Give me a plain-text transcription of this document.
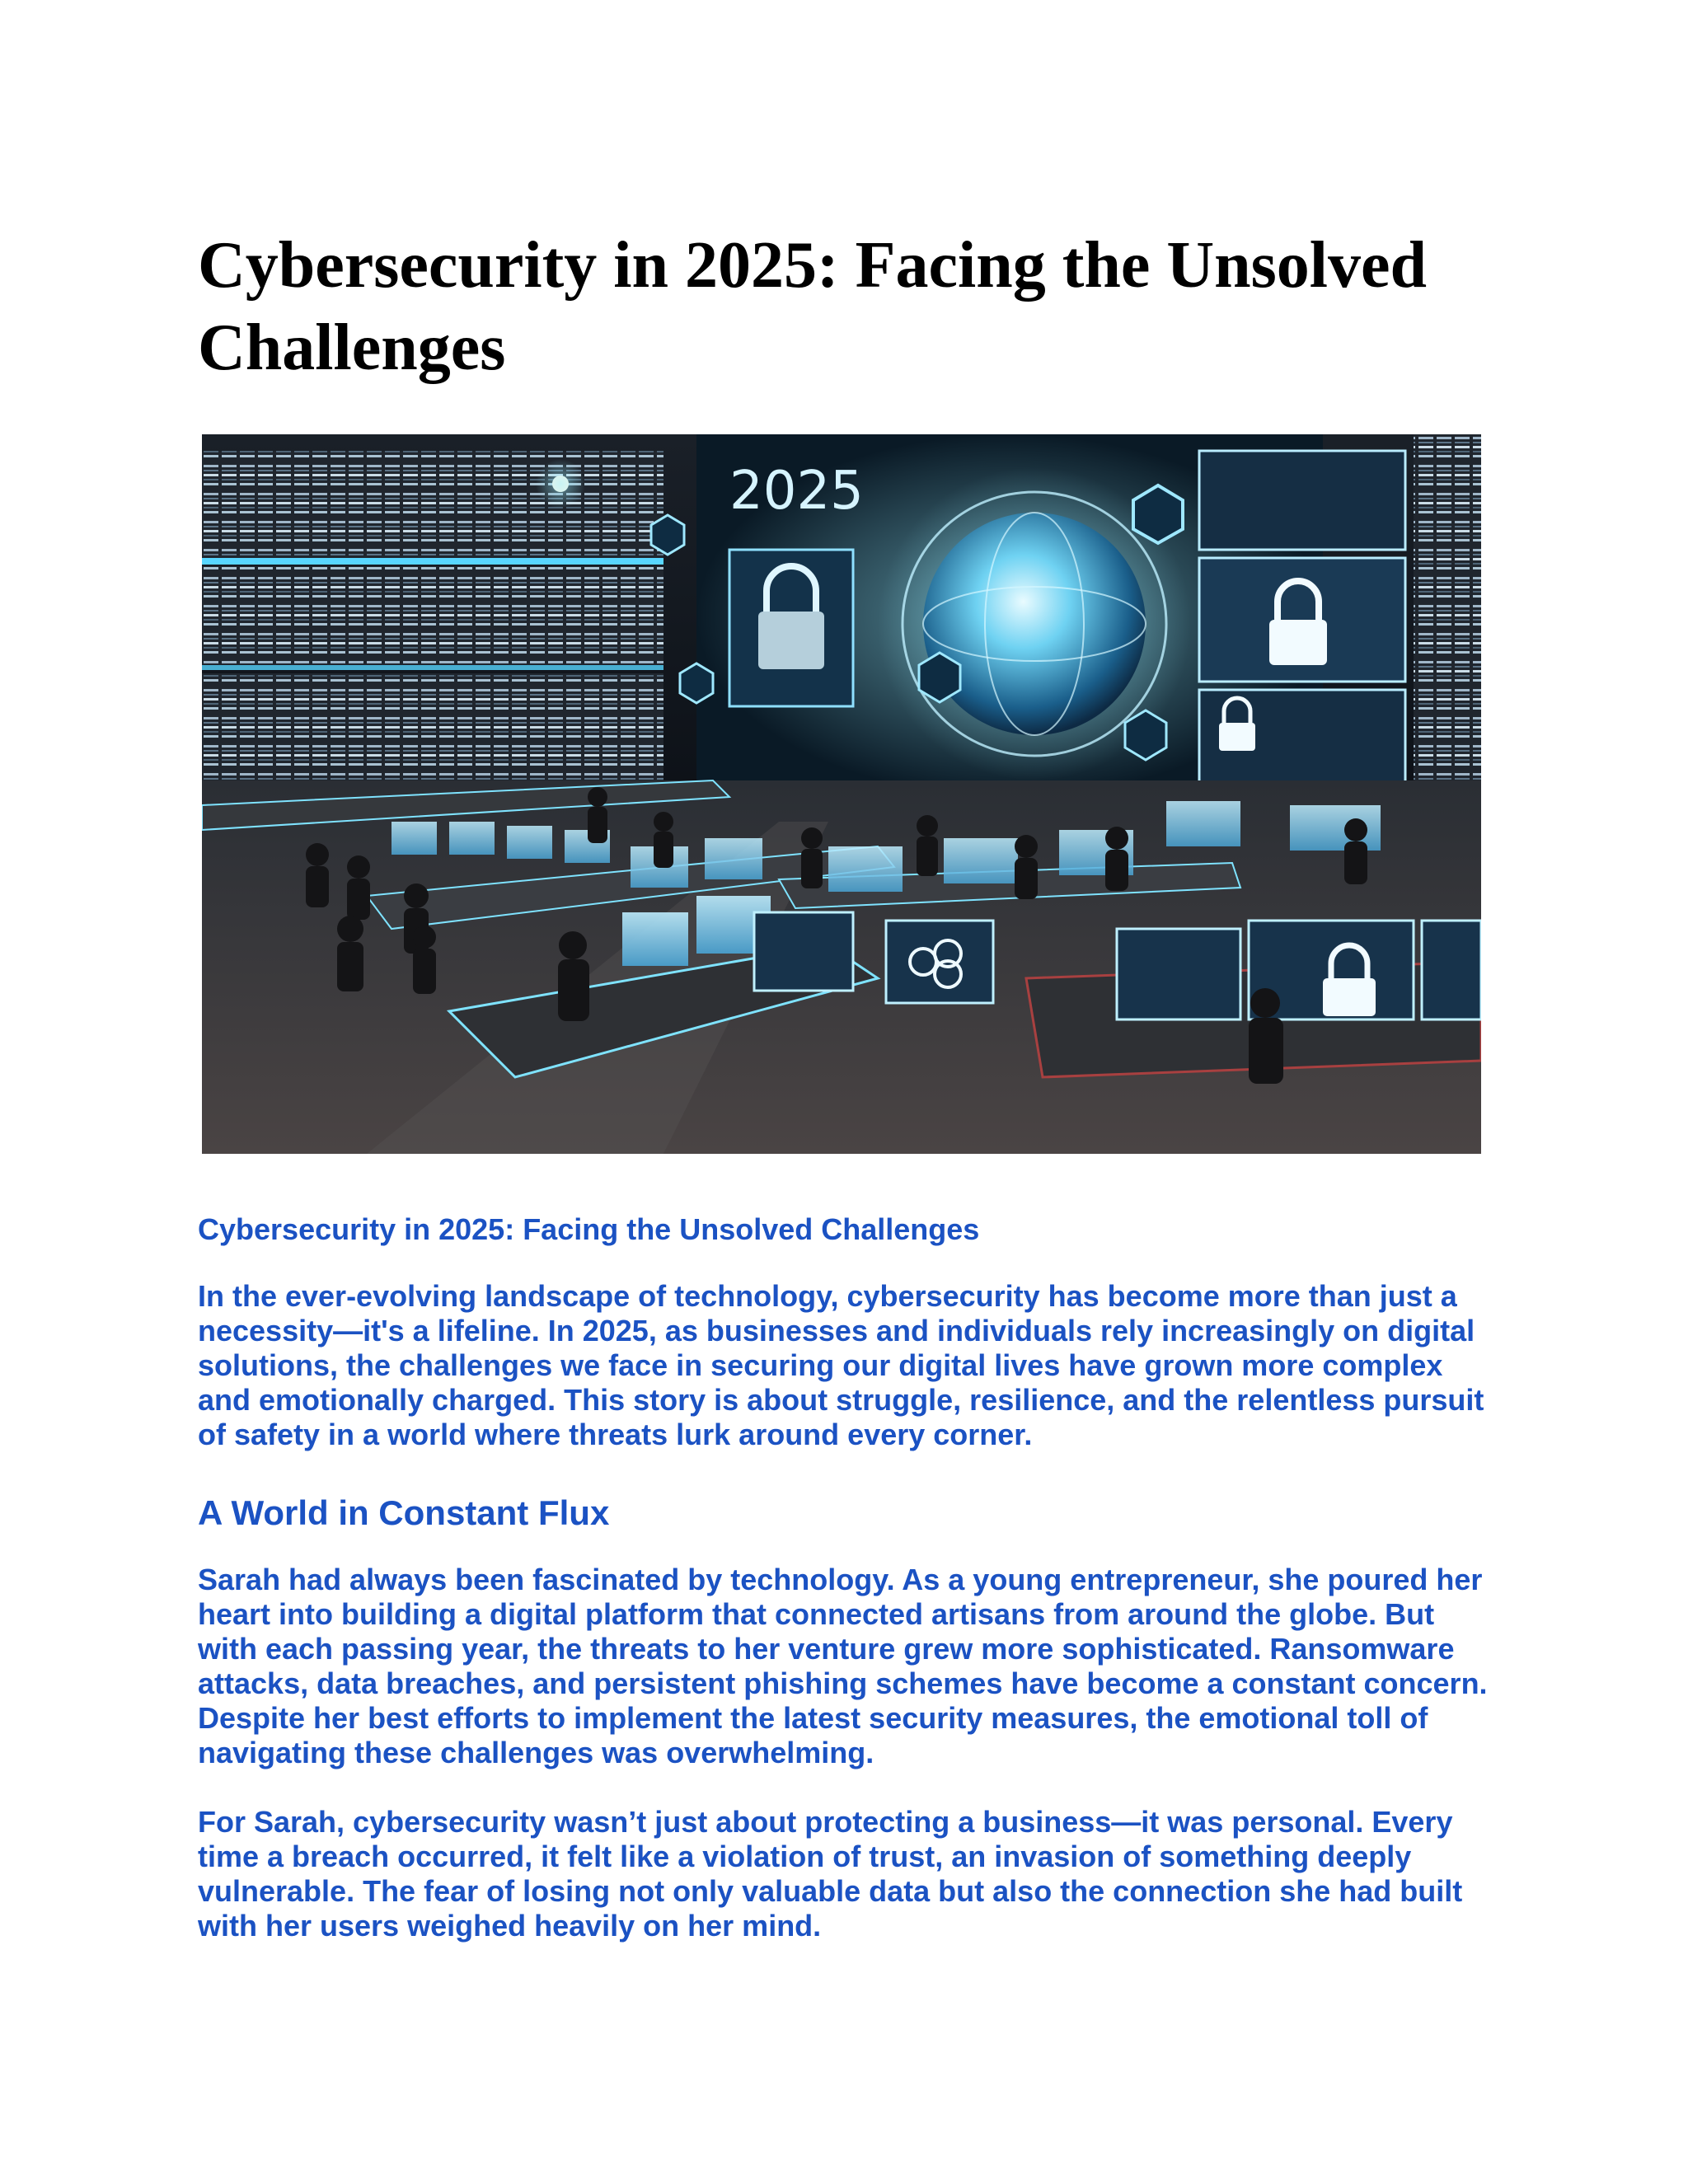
Cybersecurity in 2025: Facing the Unsolved Challenges
2025

Cybersecurity in 2025: Facing the Unsolved Challenges

In the ever-evolving landscape of technology, cybersecurity has become more than just a necessity—it's a lifeline. In 2025, as businesses and individuals rely increasingly on digital solutions, the challenges we face in securing our digital lives have grown more complex and emotionally charged. This story is about struggle, resilience, and the relentless pursuit of safety in a world where threats lurk around every corner.

A World in Constant Flux

Sarah had always been fascinated by technology. As a young entrepreneur, she poured her heart into building a digital platform that connected artisans from around the globe. But with each passing year, the threats to her venture grew more sophisticated. Ransomware attacks, data breaches, and persistent phishing schemes have become a constant concern. Despite her best efforts to implement the latest security measures, the emotional toll of navigating these challenges was overwhelming.

For Sarah, cybersecurity wasn’t just about protecting a business—it was personal. Every time a breach occurred, it felt like a violation of trust, an invasion of something deeply vulnerable. The fear of losing not only valuable data but also the connection she had built with her users weighed heavily on her mind.
